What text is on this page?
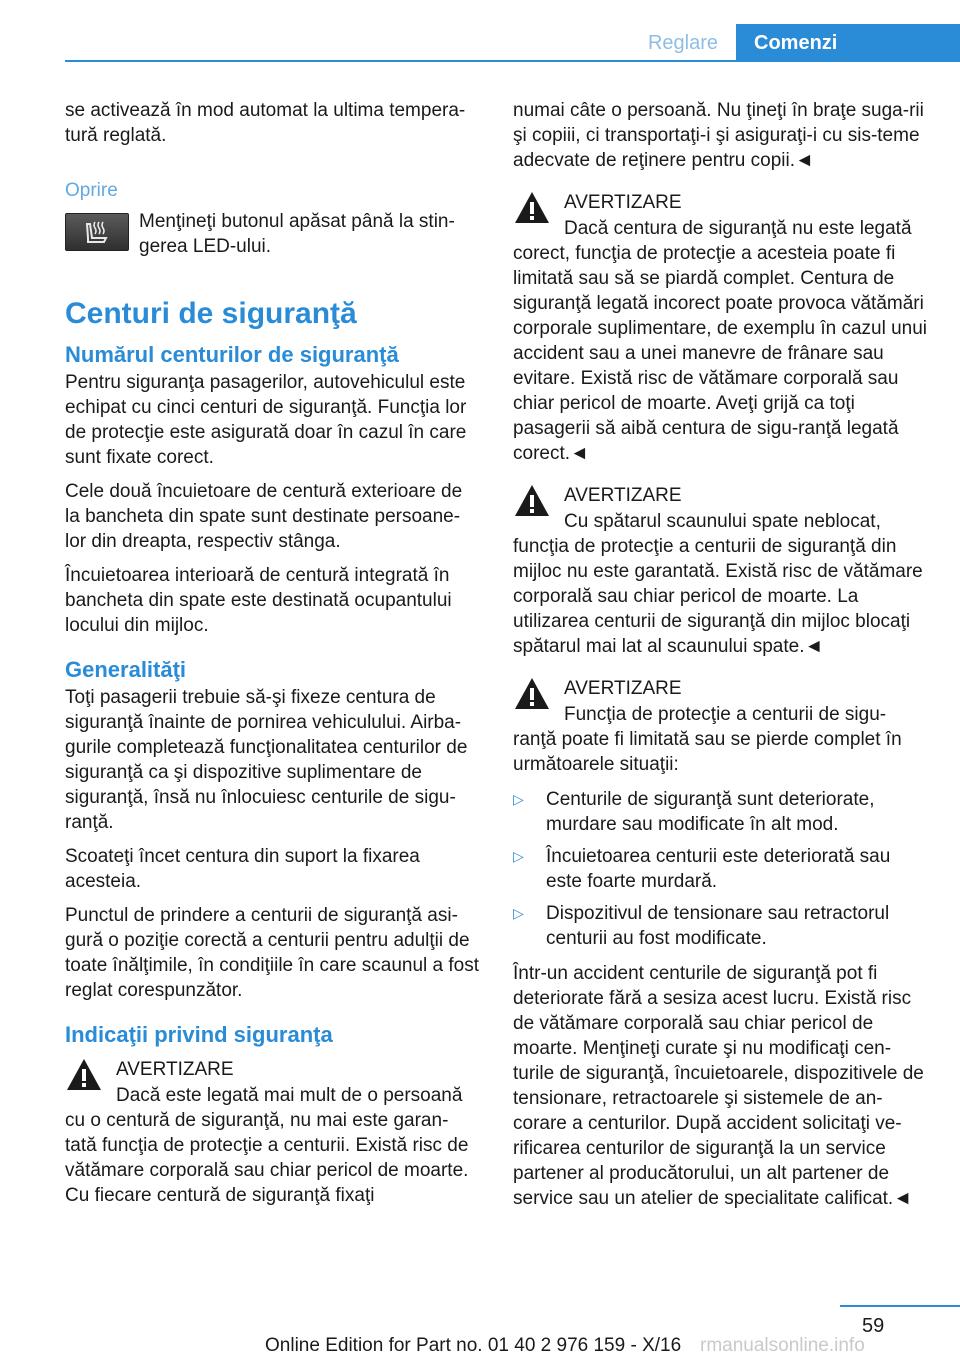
Reglare	Comenzi

se activează în mod automat la ultima tempera‐tură reglată.

Oprire

Menţineţi butonul apăsat până la stin‐gerea LED-ului.

Centuri de siguranţă
Numărul centurilor de siguranţă

Pentru siguranţa pasagerilor, autovehiculul este echipat cu cinci centuri de siguranţă. Funcţia lor de protecţie este asigurată doar în cazul în care sunt fixate corect.

Cele două încuietoare de centură exterioare de la bancheta din spate sunt destinate persoane‐lor din dreapta, respectiv stânga.

Încuietoarea interioară de centură integrată în bancheta din spate este destinată ocupantului locului din mijloc.

Generalităţi

Toţi pasagerii trebuie să-şi fixeze centura de siguranţă înainte de pornirea vehiculului. Airba‐gurile completează funcţionalitatea centurilor de siguranţă ca şi dispozitive suplimentare de siguranţă, însă nu înlocuiesc centurile de sigu‐ranţă.

Scoateţi încet centura din suport la fixarea acesteia.

Punctul de prindere a centurii de siguranţă asi‐gură o poziţie corectă a centurii pentru adulţii de toate înălţimile, în condiţiile în care scaunul a fost reglat corespunzător.

Indicaţii privind siguranţa
AVERTIZARE

Dacă este legată mai mult de o persoană cu o centură de siguranţă, nu mai este garan‐tată funcţia de protecţie a centurii. Există risc de vătămare corporală sau chiar pericol de moarte. Cu fiecare centură de siguranţă fixaţi

numai câte o persoană. Nu ţineţi în braţe suga‐rii şi copiii, ci transportaţi-i şi asiguraţi-i cu sis‐teme adecvate de reţinere pentru copii.◄

AVERTIZARE

Dacă centura de siguranţă nu este legată corect, funcţia de protecţie a acesteia poate fi limitată sau să se piardă complet. Centura de siguranţă legată incorect poate provoca vătămări corporale suplimentare, de exemplu în cazul unui accident sau a unei manevre de frânare sau evitare. Există risc de vătămare corporală sau chiar pericol de moarte. Aveţi grijă ca toţi pasagerii să aibă centura de sigu‐ranţă legată corect.◄

AVERTIZARE

Cu spătarul scaunului spate neblocat, funcţia de protecţie a centurii de siguranţă din mijloc nu este garantată. Există risc de vătămare corporală sau chiar pericol de moarte. La utilizarea centurii de siguranţă din mijloc blocaţi spătarul mai lat al scaunului spate.◄

AVERTIZARE

Funcţia de protecţie a centurii de sigu‐ranţă poate fi limitată sau se pierde complet în următoarele situaţii:

▷ Centurile de siguranţă sunt deteriorate, murdare sau modificate în alt mod.
▷ Încuietoarea centurii este deteriorată sau este foarte murdară.
▷ Dispozitivul de tensionare sau retractorul centurii au fost modificate.

Într-un accident centurile de siguranţă pot fi deteriorate fără a sesiza acest lucru. Există risc de vătămare corporală sau chiar pericol de moarte. Menţineţi curate şi nu modificaţi cen‐turile de siguranţă, încuietoarele, dispozitivele de tensionare, retractoarele şi sistemele de an‐corare a centurilor. După accident solicitaţi ve‐rificarea centurilor de siguranţă la un service partener al producătorului, un alt partener de service sau un atelier de specialitate calificat.◄

59
Online Edition for Part no. 01 40 2 976 159 - X/16 rmanualsonline.info
